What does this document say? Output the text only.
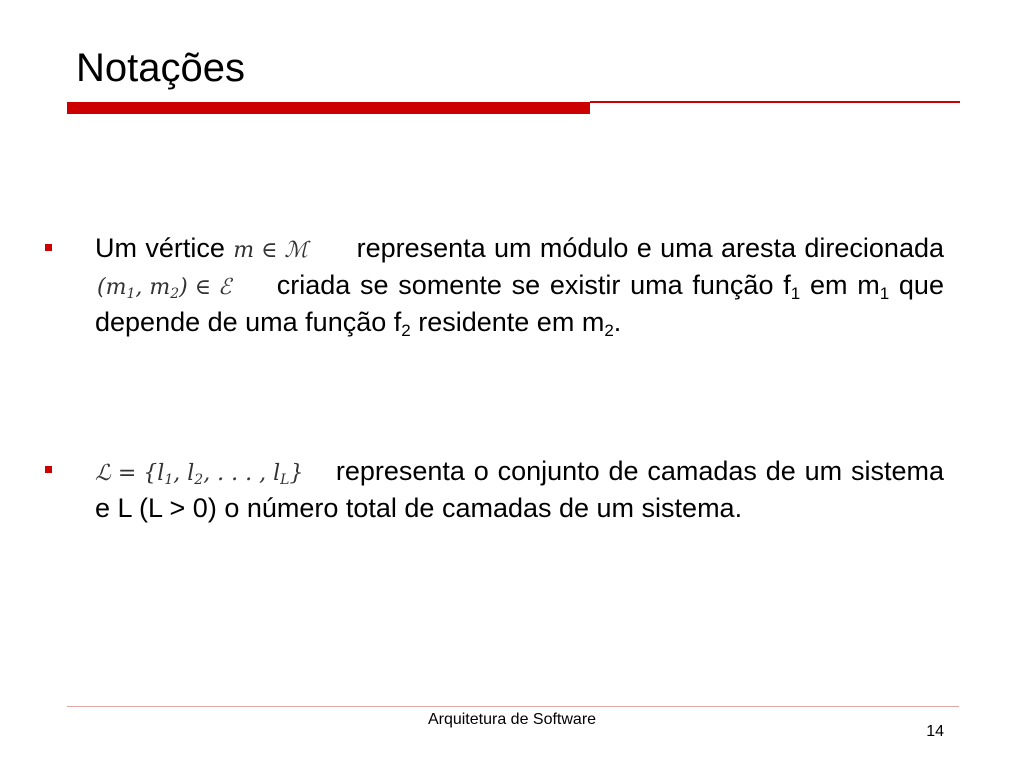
Notações

Um vértice m ∈ ℳ representa um módulo e uma aresta direcionada ($m_1$, $m_2$) ∈ ℰ criada se somente se existir uma função $f_1$ em $m_1$ que depende de uma função $f_2$ residente em $m_2$.

ℒ = {$l_1$, $l_2$, . . . , $l_L$} representa o conjunto de camadas de um sistema e L (L > 0) o número total de camadas de um sistema.

Arquitetura de Software
14
